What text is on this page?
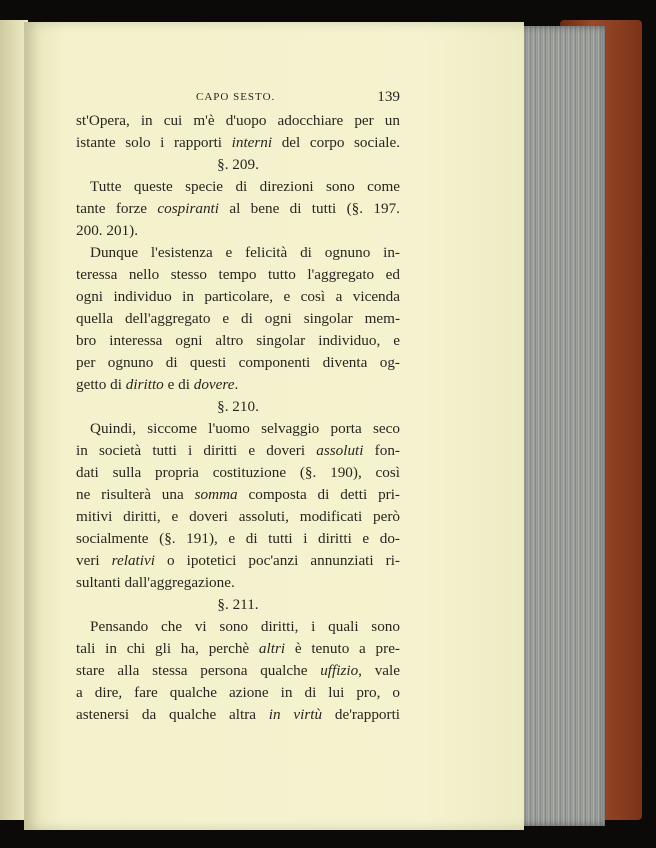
CAPO SESTO.	139
st'Opera, in cui m'è d'uopo adocchiare per un
istante solo i rapporti interni del corpo sociale.
§. 209.
Tutte queste specie di direzioni sono come
tante forze cospiranti al bene di tutti (§. 197.
200. 201).
Dunque l'esistenza e felicità di ognuno in-
teressa nello stesso tempo tutto l'aggregato ed
ogni individuo in particolare, e così a vicenda
quella dell'aggregato e di ogni singolar mem-
bro interessa ogni altro singolar individuo, e
per ognuno di questi componenti diventa og-
getto di diritto e di dovere.
§. 210.
Quindi, siccome l'uomo selvaggio porta seco
in società tutti i diritti e doveri assoluti fon-
dati sulla propria costituzione (§. 190), così
ne risulterà una somma composta di detti pri-
mitivi diritti, e doveri assoluti, modificati però
socialmente (§. 191), e di tutti i diritti e do-
veri relativi o ipotetici poc'anzi annunziati ri-
sultanti dall'aggregazione.
§. 211.
Pensando che vi sono diritti, i quali sono
tali in chi gli ha, perchè altri è tenuto a pre-
stare alla stessa persona qualche uffizio, vale
a dire, fare qualche azione in di lui pro, o
astenersi da qualche altra in virtù de'rapporti
